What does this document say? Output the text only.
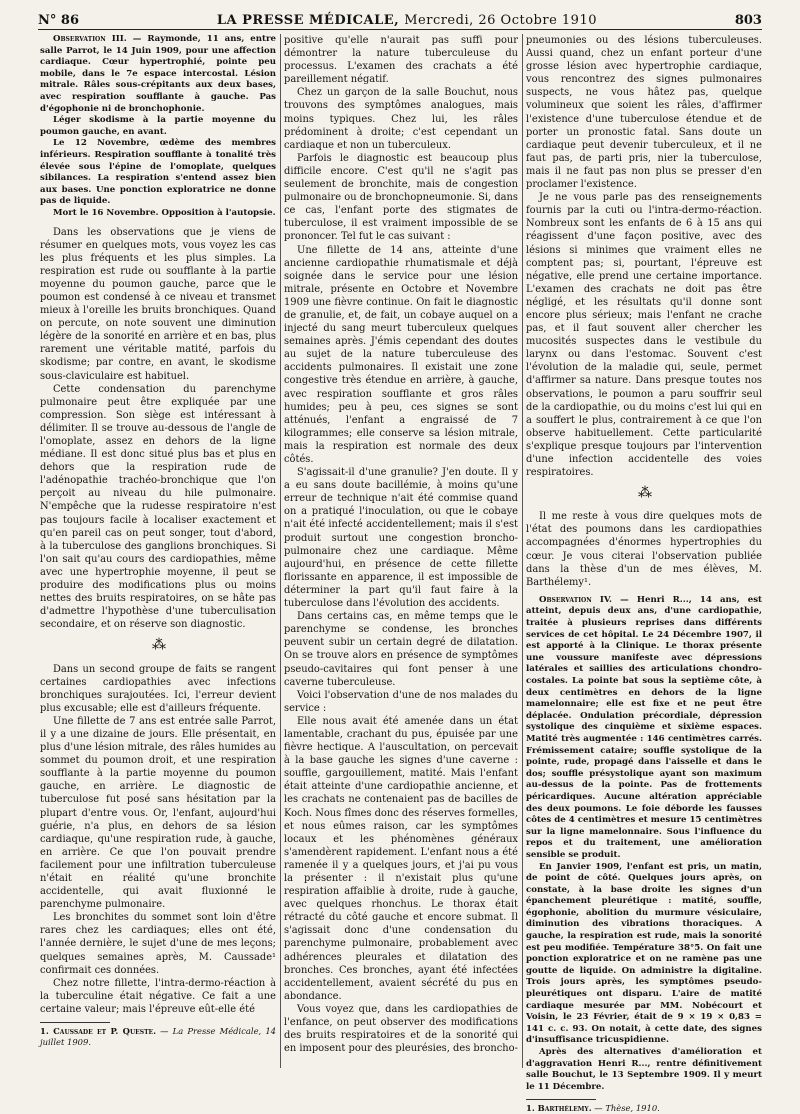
N° 86	LA PRESSE MÉDICALE, Mercredi, 26 Octobre 1910	803

Observation III. — Raymonde, 11 ans, entre salle Parrot, le 14 Juin 1909, pour une affection cardiaque. Cœur hypertrophié, pointe peu mobile, dans le 7e espace intercostal. Lésion mitrale. Râles sous-crépitants aux deux bases, avec respiration soufflante à gauche. Pas d'égophonie ni de bronchophonie.

Léger skodisme à la partie moyenne du poumon gauche, en avant.

Le 12 Novembre, œdème des membres inférieurs. Respiration soufflante à tonalité très élevée sous l'épine de l'omoplate, quelques sibilances. La respiration s'entend assez bien aux bases. Une ponction exploratrice ne donne pas de liquide.

Mort le 16 Novembre. Opposition à l'autopsie.

Dans les observations que je viens de résumer en quelques mots, vous voyez les cas les plus fréquents et les plus simples. La respiration est rude ou soufflante à la partie moyenne du poumon gauche, parce que le poumon est condensé à ce niveau et transmet mieux à l'oreille les bruits bronchiques. Quand on percute, on note souvent une diminution légère de la sonorité en arrière et en bas, plus rarement une véritable matité, parfois du skodisme; par contre, en avant, le skodisme sous-claviculaire est habituel.

Cette condensation du parenchyme pulmonaire peut être expliquée par une compression. Son siège est intéressant à délimiter. Il se trouve au-dessous de l'angle de l'omoplate, assez en dehors de la ligne médiane. Il est donc situé plus bas et plus en dehors que la respiration rude de l'adénopathie trachéo-bronchique que l'on perçoit au niveau du hile pulmonaire. N'empêche que la rudesse respiratoire n'est pas toujours facile à localiser exactement et qu'en pareil cas on peut songer, tout d'abord, à la tuberculose des ganglions bronchiques. Si l'on sait qu'au cours des cardiopathies, même avec une hypertrophie moyenne, il peut se produire des modifications plus ou moins nettes des bruits respiratoires, on se hâte pas d'admettre l'hypothèse d'une tuberculisation secondaire, et on réserve son diagnostic.

⁂

Dans un second groupe de faits se rangent certaines cardiopathies avec infections bronchiques surajoutées. Ici, l'erreur devient plus excusable; elle est d'ailleurs fréquente.

Une fillette de 7 ans est entrée salle Parrot, il y a une dizaine de jours. Elle présentait, en plus d'une lésion mitrale, des râles humides au sommet du poumon droit, et une respiration soufflante à la partie moyenne du poumon gauche, en arrière. Le diagnostic de tuberculose fut posé sans hésitation par la plupart d'entre vous. Or, l'enfant, aujourd'hui guérie, n'a plus, en dehors de sa lésion cardiaque, qu'une respiration rude, à gauche, en arrière. Ce que l'on pouvait prendre facilement pour une infiltration tuberculeuse n'était en réalité qu'une bronchite accidentelle, qui avait fluxionné le parenchyme pulmonaire.

Les bronchites du sommet sont loin d'être rares chez les cardiaques; elles ont été, l'année dernière, le sujet d'une de mes leçons; quelques semaines après, M. Caussade¹ confirmait ces données.

Chez notre fillette, l'intra-dermo-réaction à la tuberculine était négative. Ce fait a une certaine valeur; mais l'épreuve eût-elle été

1. Caussade et P. Queste. — La Presse Médicale, 14 juillet 1909.

positive qu'elle n'aurait pas suffi pour démontrer la nature tuberculeuse du processus. L'examen des crachats a été pareillement négatif.

Chez un garçon de la salle Bouchut, nous trouvons des symptômes analogues, mais moins typiques. Chez lui, les râles prédominent à droite; c'est cependant un cardiaque et non un tuberculeux.

Parfois le diagnostic est beaucoup plus difficile encore. C'est qu'il ne s'agit pas seulement de bronchite, mais de congestion pulmonaire ou de bronchopneumonie. Si, dans ce cas, l'enfant porte des stigmates de tuberculose, il est vraiment impossible de se prononcer. Tel fut le cas suivant :

Une fillette de 14 ans, atteinte d'une ancienne cardiopathie rhumatismale et déjà soignée dans le service pour une lésion mitrale, présente en Octobre et Novembre 1909 une fièvre continue. On fait le diagnostic de granulie, et, de fait, un cobaye auquel on a injecté du sang meurt tuberculeux quelques semaines après. J'émis cependant des doutes au sujet de la nature tuberculeuse des accidents pulmonaires. Il existait une zone congestive très étendue en arrière, à gauche, avec respiration soufflante et gros râles humides; peu à peu, ces signes se sont atténués, l'enfant a engraissé de 7 kilogrammes; elle conserve sa lésion mitrale, mais la respiration est normale des deux côtés.

S'agissait-il d'une granulie? J'en doute. Il y a eu sans doute bacillémie, à moins qu'une erreur de technique n'ait été commise quand on a pratiqué l'inoculation, ou que le cobaye n'ait été infecté accidentellement; mais il s'est produit surtout une congestion broncho-pulmonaire chez une cardiaque. Même aujourd'hui, en présence de cette fillette florissante en apparence, il est impossible de déterminer la part qu'il faut faire à la tuberculose dans l'évolution des accidents.

Dans certains cas, en même temps que le parenchyme se condense, les bronches peuvent subir un certain degré de dilatation. On se trouve alors en présence de symptômes pseudo-cavitaires qui font penser à une caverne tuberculeuse.

Voici l'observation d'une de nos malades du service :

Elle nous avait été amenée dans un état lamentable, crachant du pus, épuisée par une fièvre hectique. A l'auscultation, on percevait à la base gauche les signes d'une caverne : souffle, gargouillement, matité. Mais l'enfant était atteinte d'une cardiopathie ancienne, et les crachats ne contenaient pas de bacilles de Koch. Nous fîmes donc des réserves formelles, et nous eûmes raison, car les symptômes locaux et les phénomènes généraux s'amendèrent rapidement. L'enfant nous a été ramenée il y a quelques jours, et j'ai pu vous la présenter : il n'existait plus qu'une respiration affaiblie à droite, rude à gauche, avec quelques rhonchus. Le thorax était rétracté du côté gauche et encore submat. Il s'agissait donc d'une condensation du parenchyme pulmonaire, probablement avec adhérences pleurales et dilatation des bronches. Ces bronches, ayant été infectées accidentellement, avaient sécrété du pus en abondance.

Vous voyez que, dans les cardiopathies de l'enfance, on peut observer des modifications des bruits respiratoires et de la sonorité qui en imposent pour des pleurésies, des broncho-

pneumonies ou des lésions tuberculeuses. Aussi quand, chez un enfant porteur d'une grosse lésion avec hypertrophie cardiaque, vous rencontrez des signes pulmonaires suspects, ne vous hâtez pas, quelque volumineux que soient les râles, d'affirmer l'existence d'une tuberculose étendue et de porter un pronostic fatal. Sans doute un cardiaque peut devenir tuberculeux, et il ne faut pas, de parti pris, nier la tuberculose, mais il ne faut pas non plus se presser d'en proclamer l'existence.

Je ne vous parle pas des renseignements fournis par la cuti ou l'intra-dermo-réaction. Nombreux sont les enfants de 6 à 15 ans qui réagissent d'une façon positive, avec des lésions si minimes que vraiment elles ne comptent pas; si, pourtant, l'épreuve est négative, elle prend une certaine importance. L'examen des crachats ne doit pas être négligé, et les résultats qu'il donne sont encore plus sérieux; mais l'enfant ne crache pas, et il faut souvent aller chercher les mucosités suspectes dans le vestibule du larynx ou dans l'estomac. Souvent c'est l'évolution de la maladie qui, seule, permet d'affirmer sa nature. Dans presque toutes nos observations, le poumon a paru souffrir seul de la cardiopathie, ou du moins c'est lui qui en a souffert le plus, contrairement à ce que l'on observe habituellement. Cette particularité s'explique presque toujours par l'intervention d'une infection accidentelle des voies respiratoires.

⁂

Il me reste à vous dire quelques mots de l'état des poumons dans les cardiopathies accompagnées d'énormes hypertrophies du cœur. Je vous citerai l'observation publiée dans la thèse d'un de mes élèves, M. Barthélemy¹.

Observation IV. — Henri R..., 14 ans, est atteint, depuis deux ans, d'une cardiopathie, traitée à plusieurs reprises dans différents services de cet hôpital. Le 24 Décembre 1907, il est apporté à la Clinique. Le thorax présente une voussure manifeste avec dépressions latérales et saillies des articulations chondro-costales. La pointe bat sous la septième côte, à deux centimètres en dehors de la ligne mamelonnaire; elle est fixe et ne peut être déplacée. Ondulation précordiale, dépression systolique des cinquième et sixième espaces. Matité très augmentée : 146 centimètres carrés. Frémissement cataire; souffle systolique de la pointe, rude, propagé dans l'aisselle et dans le dos; souffle présystolique ayant son maximum au-dessus de la pointe. Pas de frottements péricardiques. Aucune altération appréciable des deux poumons. Le foie déborde les fausses côtes de 4 centimètres et mesure 15 centimètres sur la ligne mamelonnaire. Sous l'influence du repos et du traitement, une amélioration sensible se produit.

En Janvier 1909, l'enfant est pris, un matin, de point de côté. Quelques jours après, on constate, à la base droite les signes d'un épanchement pleurétique : matité, souffle, égophonie, abolition du murmure vésiculaire, diminution des vibrations thoraciques. A gauche, la respiration est rude, mais la sonorité est peu modifiée. Température 38°5. On fait une ponction exploratrice et on ne ramène pas une goutte de liquide. On administre la digitaline. Trois jours après, les symptômes pseudo-pleurétiques ont disparu. L'aire de matité cardiaque mesurée par MM. Nobécourt et Voisin, le 23 Février, était de 9 × 19 × 0,83 = 141 c. c. 93. On notait, à cette date, des signes d'insuffisance tricuspidienne.

Après des alternatives d'amélioration et d'aggravation Henri R..., rentre définitivement salle Bouchut, le 13 Septembre 1909. Il y meurt le 11 Décembre.

1. Barthélemy. — Thèse, 1910.
